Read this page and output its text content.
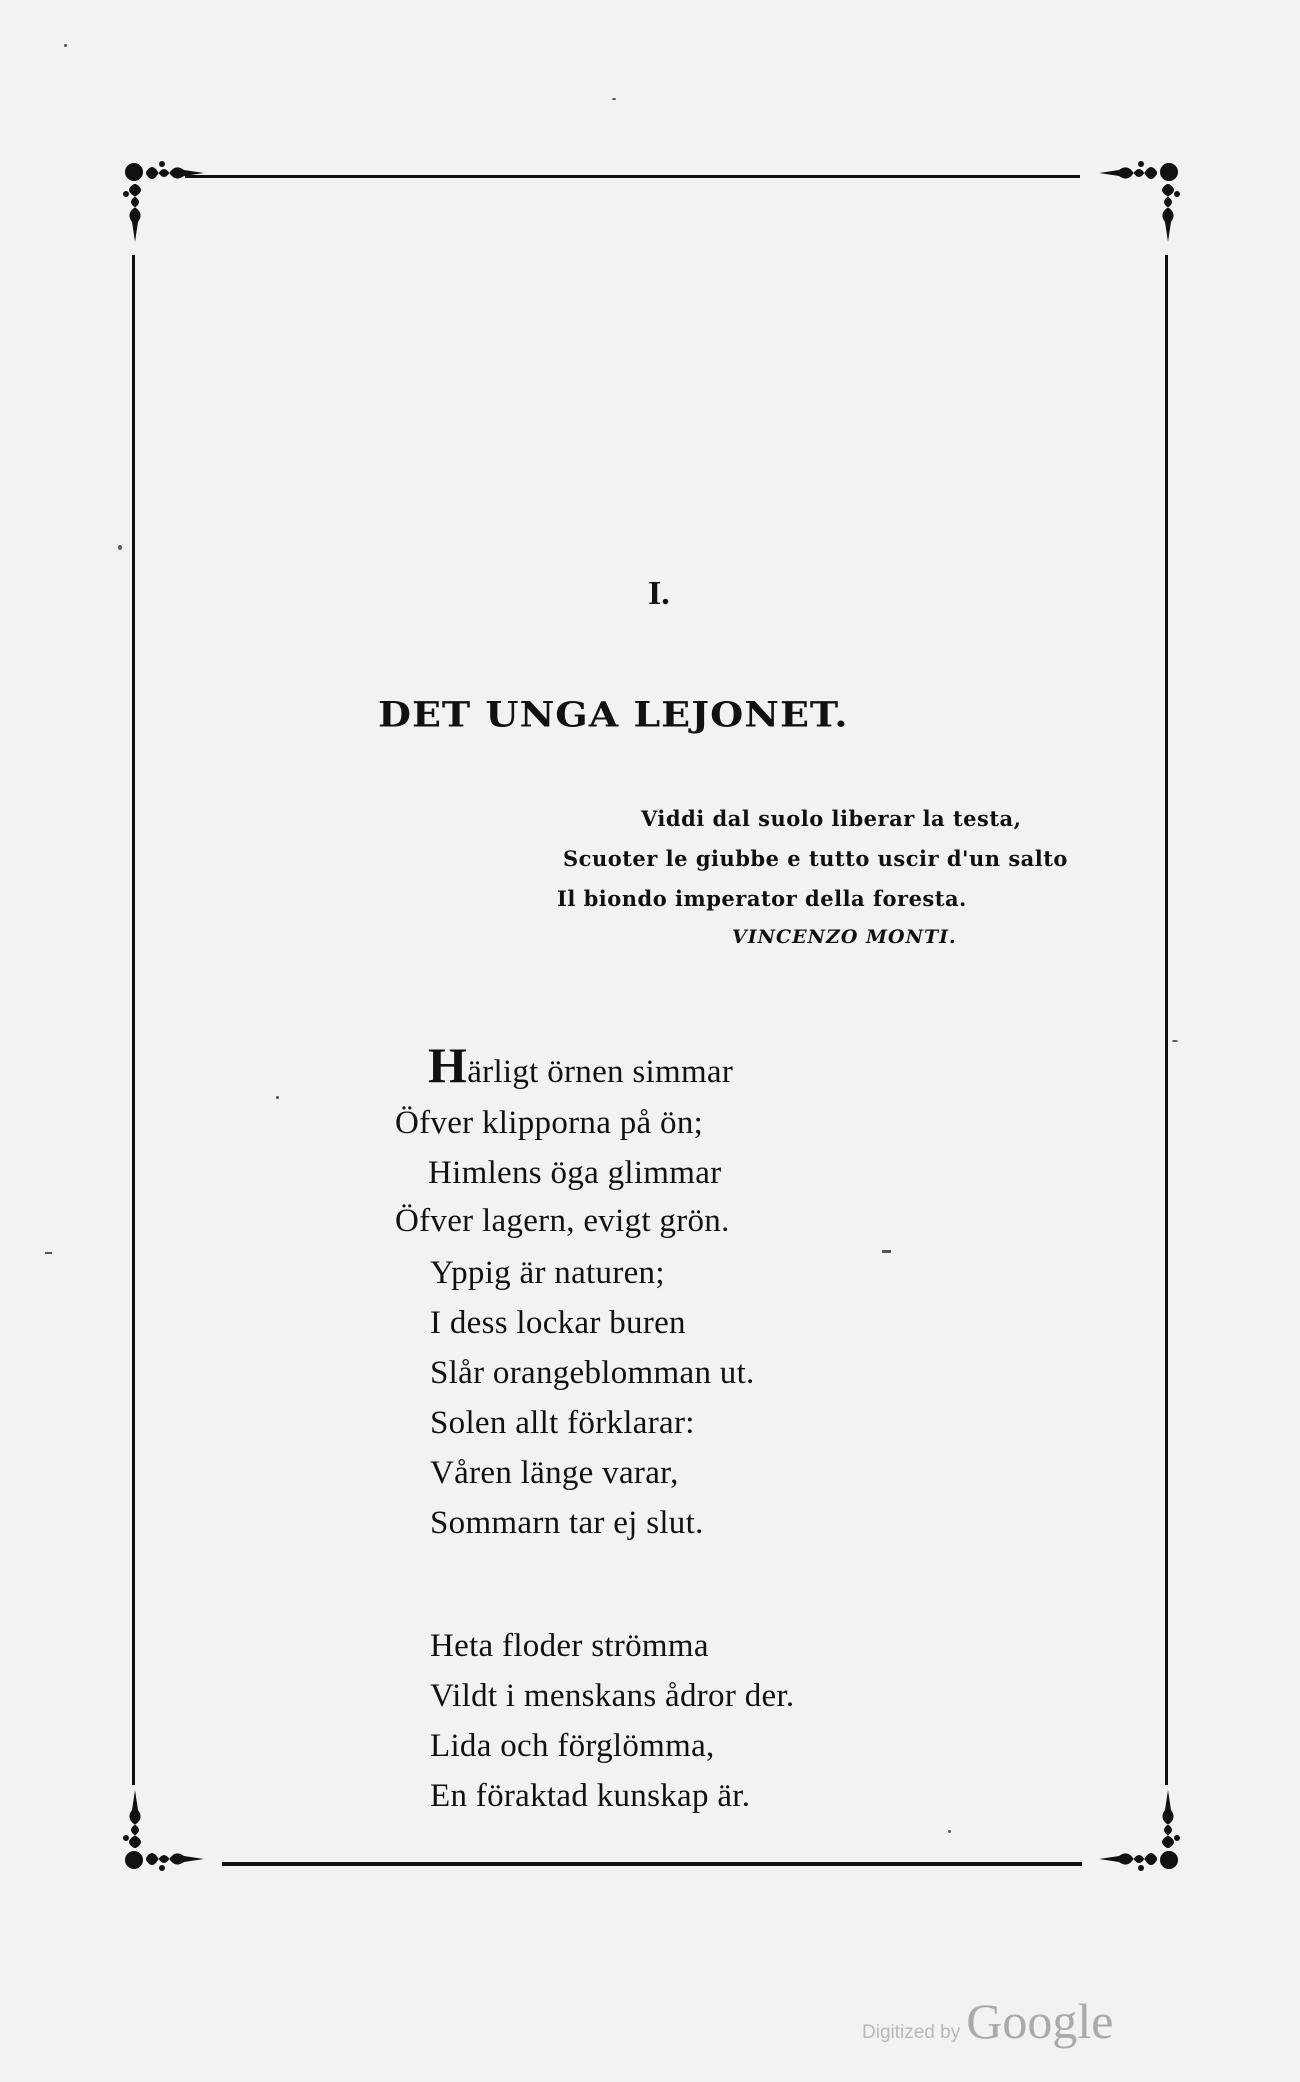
I.
DET UNGA LEJONET.
Viddi dal suolo liberar la testa,
Scuoter le giubbe e tutto uscir d'un salto
Il biondo imperator della foresta.
VINCENZO MONTI.
Härligt örnen simmar
Öfver klipporna på ön;
Himlens öga glimmar
Öfver lagern, evigt grön.
Yppig är naturen;
I dess lockar buren
Slår orangeblomman ut.
Solen allt förklarar:
Våren länge varar,
Sommarn tar ej slut.
Heta floder strömma
Vildt i menskans ådror der.
Lida och förglömma,
En föraktad kunskap är.
Digitized by Google
